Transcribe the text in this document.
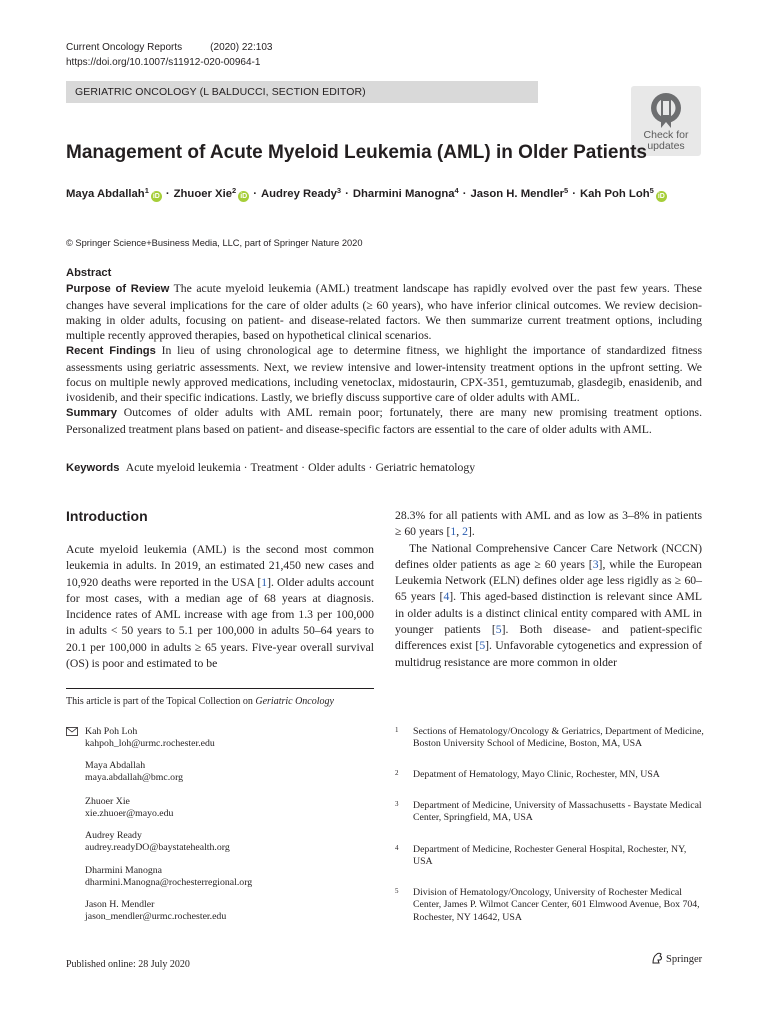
Current Oncology Reports	(2020) 22:103
https://doi.org/10.1007/s11912-020-00964-1
GERIATRIC ONCOLOGY (L BALDUCCI, SECTION EDITOR)
Check for
updates
Management of Acute Myeloid Leukemia (AML) in Older Patients
Maya Abdallah$^1$iD · Zhuoer Xie$^2$iD · Audrey Ready$^3$ · Dharmini Manogna$^4$ · Jason H. Mendler$^5$ · Kah Poh Loh$^5$iD
© Springer Science+Business Media, LLC, part of Springer Nature 2020
Abstract
Purpose of Review The acute myeloid leukemia (AML) treatment landscape has rapidly evolved over the past few years. These changes have several implications for the care of older adults (≥ 60 years), who have inferior clinical outcomes. We review decision-making in older adults, focusing on patient- and disease-related factors. We then summarize current treatment options, including multiple recently approved therapies, based on hypothetical clinical scenarios.
Recent Findings In lieu of using chronological age to determine fitness, we highlight the importance of standardized fitness assessments using geriatric assessments. Next, we review intensive and lower-intensity treatment options in the upfront setting. We focus on multiple newly approved medications, including venetoclax, midostaurin, CPX-351, gemtuzumab, glasdegib, enasidenib, and ivosidenib, and their specific indications. Lastly, we briefly discuss supportive care of older adults with AML.
Summary Outcomes of older adults with AML remain poor; fortunately, there are many new promising treatment options. Personalized treatment plans based on patient- and disease-specific factors are essential to the care of older adults with AML.
Keywords Acute myeloid leukemia · Treatment · Older adults · Geriatric hematology
Introduction

Acute myeloid leukemia (AML) is the second most common leukemia in adults. In 2019, an estimated 21,450 new cases and 10,920 deaths were reported in the USA [1]. Older adults account for most cases, with a median age of 68 years at diagnosis. Incidence rates of AML increase with age from 1.3 per 100,000 in adults < 50 years to 5.1 per 100,000 in adults 50–64 years to 20.1 per 100,000 in adults ≥ 65 years. Five-year overall survival (OS) is poor and estimated to be

28.3% for all patients with AML and as low as 3–8% in patients ≥ 60 years [1, 2].

The National Comprehensive Cancer Care Network (NCCN) defines older patients as age ≥ 60 years [3], while the European Leukemia Network (ELN) defines older age less rigidly as ≥ 60–65 years [4]. This aged-based distinction is relevant since AML in older adults is a distinct clinical entity compared with AML in younger patients [5]. Both disease- and patient-specific differences exist [5]. Unfavorable cytogenetics and expression of multidrug resistance are more common in older

This article is part of the Topical Collection on Geriatric Oncology
Kah Poh Loh
kahpoh_loh@urmc.rochester.edu
Maya Abdallah
maya.abdallah@bmc.org
Zhuoer Xie
xie.zhuoer@mayo.edu
Audrey Ready
audrey.readyDO@baystatehealth.org
Dharmini Manogna
dharmini.Manogna@rochesterregional.org
Jason H. Mendler
jason_mendler@urmc.rochester.edu
1 Sections of Hematology/Oncology & Geriatrics, Department of Medicine, Boston University School of Medicine, Boston, MA, USA
2 Depatment of Hematology, Mayo Clinic, Rochester, MN, USA
3 Department of Medicine, University of Massachusetts - Baystate Medical Center, Springfield, MA, USA
4 Department of Medicine, Rochester General Hospital, Rochester, NY, USA
5 Division of Hematology/Oncology, University of Rochester Medical Center, James P. Wilmot Cancer Center, 601 Elmwood Avenue, Box 704, Rochester, NY 14642, USA
Published online: 28 July 2020	Springer
